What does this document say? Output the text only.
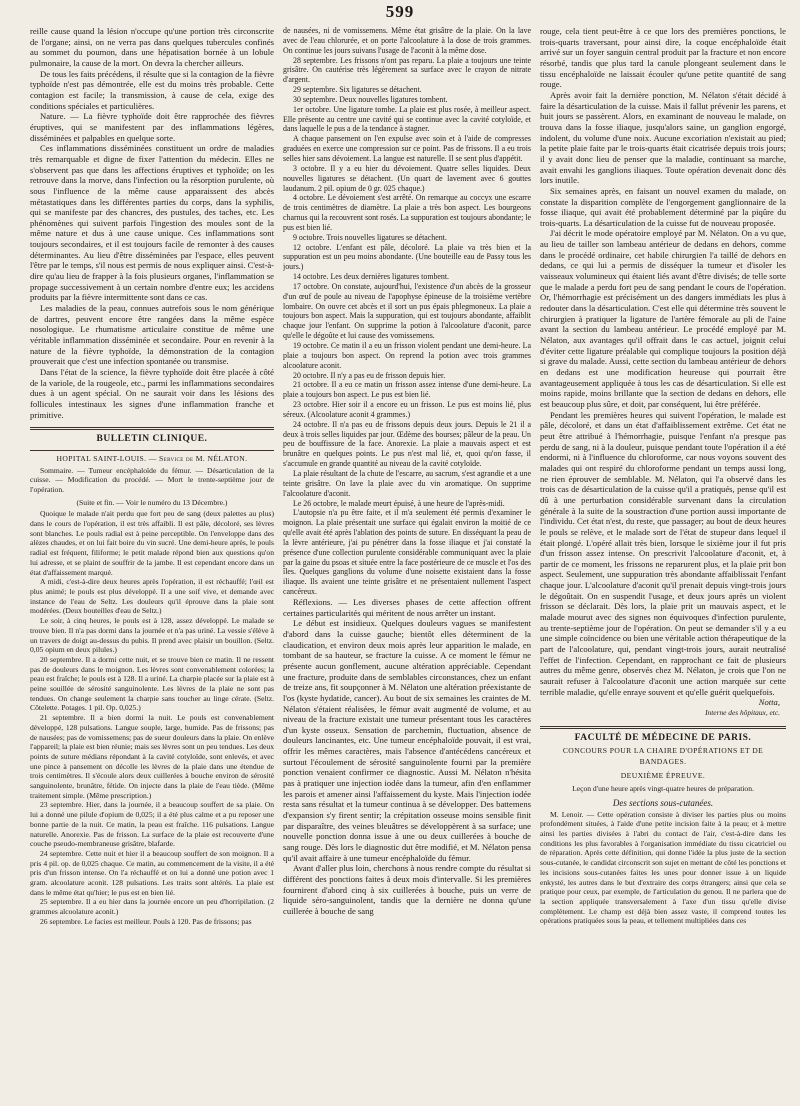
599

reille cause quand la lésion n'occupe qu'une portion très circonscrite de l'organe; ainsi, on ne verra pas dans quelques tubercules confinés au sommet du poumon, dans une hépatisation bornée à un lobule pulmonaire, la cause de la mort. On devra la chercher ailleurs.

De tous les faits précédens, il résulte que si la contagion de la fièvre typhoïde n'est pas démontrée, elle est du moins très probable. Cette contagion est facile; la transmission, à cause de cela, exige des conditions spéciales et particulières.

Nature. — La fièvre typhoïde doit être rapprochée des fièvres éruptives, qui se manifestent par des inflammations légères, disséminées et palpables en quelque sorte.

Ces inflammations disséminées constituent un ordre de maladies très remarquable et digne de fixer l'attention du médecin. Elles ne s'observent pas que dans les affections éruptives et typhoïde; on les retrouve dans la morve, dans l'infection ou la résorption purulente, où sous l'influence de la même cause apparaissent des abcès métastatiques dans les différentes parties du corps, dans la syphilis, qui se manifeste par des chancres, des pustules, des taches, etc. Les phénomènes qui suivent parfois l'ingestion des moules sont de la même nature et dus à une cause unique. Ces inflammations sont toujours secondaires, et il est toujours facile de remonter à des causes déterminantes. Au lieu d'être disséminées par l'espace, elles peuvent l'être par le temps, s'il nous est permis de nous expliquer ainsi. C'est-à-dire qu'au lieu de frapper à la fois plusieurs organes, l'inflammation se propage successivement à un certain nombre d'entre eux; les accidens produits par la fièvre intermittente sont dans ce cas.

Les maladies de la peau, connues autrefois sous le nom générique de dartres, peuvent encore être rangées dans la même espèce nosologique. Le rhumatisme articulaire constitue de même une véritable inflammation disséminée et secondaire. Pour en revenir à la nature de la fièvre typhoïde, la démonstration de la contagion prouverait que c'est une infection spontanée ou transmise.

Dans l'état de la science, la fièvre typhoïde doit être placée à côté de la variole, de la rougeole, etc., parmi les inflammations secondaires dues à un agent spécial. On ne saurait voir dans les lésions des follicules intestinaux les signes d'une inflammation franche et primitive.

BULLETIN CLINIQUE.
HOPITAL SAINT-LOUIS. — Service de M. NÉLATON.

Sommaire. — Tumeur encéphaloïde du fémur. — Désarticulation de la cuisse. — Modification du procédé. — Mort le trente-septième jour de l'opération.

(Suite et fin. — Voir le numéro du 13 Décembre.)

Quoique le malade n'ait perdu que fort peu de sang (deux palettes au plus) dans le cours de l'opération, il est très affaibli. Il est pâle, décoloré, ses lèvres sont blanches. Le pouls radial est à peine perceptible. On l'enveloppe dans des alèzes chaudes, et on lui fait boire du vin sucré. Une demi-heure après, le pouls radial est fréquent, filiforme; le petit malade répond bien aux questions qu'on lui adresse, et se plaint de souffrir de la jambe. Il est cependant encore dans un état d'affaissement marqué.

A midi, c'est-à-dire deux heures après l'opération, il est réchauffé; l'œil est plus animé; le pouls est plus développé. Il a une soif vive, et demande avec instance de l'eau de Seltz. Les douleurs qu'il éprouve dans la plaie sont modérées. (Deux bouteilles d'eau de Seltz.)

Le soir, à cinq heures, le pouls est à 128, assez développé. Le malade se trouve bien. Il n'a pas dormi dans la journée et n'a pas uriné. La vessie s'élève à un travers de doigt au-dessus du pubis. Il prend avec plaisir un bouillon. (Seltz. 0,05 opium en deux pilules.)

20 septembre. Il a dormi cette nuit, et se trouve bien ce matin. Il ne ressent pas de douleurs dans le moignon. Les lèvres sont convenablement colorées; la peau est fraîche; le pouls est à 128. Il a uriné. La charpie placée sur la plaie est à peine souillée de sérosité sanguinolente. Les lèvres de la plaie ne sont pas tendues. On change seulement la charpie sans toucher au linge cérate. (Seltz. Côtelette. Potages. 1 pil. Op. 0,025.)

21 septembre. Il a bien dormi la nuit. Le pouls est convenablement développé, 128 pulsations. Langue souple, large, humide. Pas de frissons; pas de nausées; pas de vomissemens; pas de sueur douleurs dans la plaie. On enlève l'appareil; la plaie est bien réunie; mais ses lèvres sont un peu tendues. Les deux points de suture médians répondant à la cavité cotyloïde, sont enlevés, et avec une pince à pansement on décolle les lèvres de la plaie dans une étendue de trois centimètres. Il s'écoule alors deux cuillerées à bouche environ de sérosité sanguinolente, brunâtre, fétide. On injecte dans la plaie de l'eau tiède. (Même traitement simple. (Même prescription.)

23 septembre. Hier, dans la journée, il a beaucoup souffert de sa plaie. On lui a donné une pilule d'opium de 0,025; il a été plus calme et a pu reposer une bonne partie de la nuit. Ce matin, la peau est fraîche. 116 pulsations. Langue naturelle. Anorexie. Pas de frisson. La surface de la plaie est recouverte d'une couche pseudo-membraneuse grisâtre, blafarde.

24 septembre. Cette nuit et hier il a beaucoup souffert de son moignon. Il a pris 4 pil. op. de 0,025 chaque. Ce matin, au commencement de la visite, il a été pris d'un frisson intense. On l'a réchauffé et on lui a donné une potion avec 1 gram. alcoolature aconit. 128 pulsations. Les traits sont altérés. La plaie est dans le même état qu'hier; le pus est en bien lié.

25 septembre. Il a eu hier dans la journée encore un peu d'horripilation. (2 grammes alcoolature aconit.)

26 septembre. Le facies est meilleur. Pouls à 120. Pas de frissons; pas

de nausées, ni de vomissemens. Même état grisâtre de la plaie. On la lave avec de l'eau chlorurée, et on porte l'alcoolature à la dose de trois grammes. On continue les jours suivans l'usage de l'aconit à la même dose.

28 septembre. Les frissons n'ont pas reparu. La plaie a toujours une teinte grisâtre. On cautérise très légèrement sa surface avec le crayon de nitrate d'argent.

29 septembre. Six ligatures se détachent.

30 septembre. Deux nouvelles ligatures tombent.

1er octobre. Une ligature tombe. La plaie est plus rosée, à meilleur aspect. Elle présente au centre une cavité qui se continue avec la cavité cotyloïde, et dans laquelle le pus a de la tendance à stagner.

A chaque pansement on l'en expulse avec soin et à l'aide de compresses graduées en exerce une compression sur ce point. Pas de frissons. Il a eu trois selles hier sans dévoiement. La langue est naturelle. Il se sent plus d'appétit.

3 octobre. Il y a eu hier du dévoiement. Quatre selles liquides. Deux nouvelles ligatures se détachent. (Un quart de lavement avec 6 gouttes laudanum. 2 pil. opium de 0 gr. 025 chaque.)

4 octobre. Le dévoiement s'est arrêté. On remarque au coccyx une escarre de trois centimètres de diamètre. La plaie a très bon aspect. Les bourgeons charnus qui la recouvrent sont rosés. La suppuration est toujours abondante; le pus est bien lié.

9 octobre. Trois nouvelles ligatures se détachent.

12 octobre. L'enfant est pâle, décoloré. La plaie va très bien et la suppuration est un peu moins abondante. (Une bouteille eau de Passy tous les jours.)

14 octobre. Les deux dernières ligatures tombent.

17 octobre. On constate, aujourd'hui, l'existence d'un abcès de la grosseur d'un œuf de poule au niveau de l'apophyse épineuse de la troisième vertèbre lombaire. On ouvre cet abcès et il sort un pus épais phlegmoneux. La plaie a toujours bon aspect. Mais la suppuration, qui est toujours abondante, affaiblit chaque jour l'enfant. On supprime la potion à l'alcoolature d'aconit, parce qu'elle le dégoûte et lui cause des vomissemens.

19 octobre. Ce matin il a eu un frisson violent pendant une demi-heure. La plaie a toujours bon aspect. On reprend la potion avec trois grammes alcoolature aconit.

20 octobre. Il n'y a pas eu de frisson depuis hier.

21 octobre. Il a eu ce matin un frisson assez intense d'une demi-heure. La plaie a toujours bon aspect. Le pus est bien lié.

23 octobre. Hier soir il a encore eu un frisson. Le pus est moins lié, plus séreux. (Alcoolature aconit 4 grammes.)

24 octobre. Il n'a pas eu de frissons depuis deux jours. Depuis le 21 il a deux à trois selles liquides par jour. Œdème des bourses; pâleur de la peau. Un peu de bouffissure de la face. Anorexie. La plaie a mauvais aspect et est brunâtre en quelques points. Le pus n'est mal lié, et, quoi qu'on fasse, il s'accumule en grande quantité au niveau de la cavité cotyloïde.

La plaie résultant de la chute de l'escarre, au sacrum, s'est agrandie et a une teinte grisâtre. On lave la plaie avec du vin aromatique. On supprime l'alcoolature d'aconit.

Le 26 octobre, le malade meurt épuisé, à une heure de l'après-midi.

L'autopsie n'a pu être faite, et il m'a seulement été permis d'examiner le moignon. La plaie présentait une surface qui égalait environ la moitié de ce qu'elle avait été après l'ablation des points de suture. En disséquant la peau de la lèvre antérieure, j'ai pu pénétrer dans la fosse iliaque et j'ai constaté la présence d'une collection purulente considérable communiquant avec la plaie par la gaine du psoas et située entre la face postérieure de ce muscle et l'os des îles. Quelques ganglions du volume d'une noisette existaient dans la fosse iliaque. Ils avaient une teinte grisâtre et ne présentaient nullement l'aspect cancéreux.

Réflexions. — Les diverses phases de cette affection offrent certaines particularités qui méritent de nous arrêter un instant.

Le début est insidieux. Quelques douleurs vagues se manifestent d'abord dans la cuisse gauche; bientôt elles déterminent de la claudication, et environ deux mois après leur apparition le malade, en tombant de sa hauteur, se fracture la cuisse. A ce moment le fémur ne présente aucun gonflement, aucune altération appréciable. Cependant une fracture, produite dans de semblables circonstances, chez un enfant de treize ans, fit soupçonner à M. Nélaton une altération préexistante de l'os (kyste hydatide, cancer). Au bout de six semaines les craintes de M. Nélaton s'étaient réalisées, le fémur avait augmenté de volume, et au niveau de la fracture existait une tumeur présentant tous les caractères d'un kyste osseux. Sensation de parchemin, fluctuation, absence de douleurs lancinantes, etc. Une tumeur encéphaloïde pouvait, il est vrai, offrir les mêmes caractères, mais l'absence d'antécédens cancéreux et surtout l'écoulement de sérosité sanguinolente fourni par la première ponction venaient confirmer ce diagnostic. Aussi M. Nélaton n'hésita pas à pratiquer une injection iodée dans la tumeur, afin d'en enflammer les parois et amener ainsi l'affaissement du kyste. Mais l'injection iodée resta sans résultat et la tumeur continua à se développer. Des battemens d'expansion s'y firent sentir; la crépitation osseuse moins sensible finit par disparaître, des veines bleuâtres se développèrent à sa surface; une nouvelle ponction donna issue à une ou deux cuillerées à bouche de sang rouge. Dès lors le diagnostic dut être modifié, et M. Nélaton pensa qu'il avait affaire à une tumeur encéphaloïde du fémur.

Avant d'aller plus loin, cherchons à nous rendre compte du résultat si différent des ponctions faites à deux mois d'intervalle. Si les premières fournirent d'abord cinq à six cuillerées à bouche, puis un verre de liquide séro-sanguinolent, tandis que la dernière ne donna qu'une cuillerée à bouche de sang

rouge, cela tient peut-être à ce que lors des premières ponctions, le trois-quarts traversant, pour ainsi dire, la coque encéphaloïde était arrivé sur un foyer sanguin central produit par la fracture et non encore résorbé, tandis que plus tard la canule plongeant seulement dans le tissu encéphaloïde ne laissait écouler qu'une petite quantité de sang rouge.

Après avoir fait la dernière ponction, M. Nélaton s'était décidé à faire la désarticulation de la cuisse. Mais il fallut prévenir les parens, et huit jours se passèrent. Alors, en examinant de nouveau le malade, on trouva dans la fosse iliaque, jusqu'alors saine, un ganglion engorgé, indolent, du volume d'une noix. Aucune excoriation n'existait au pied; la petite plaie faite par le trois-quarts était cicatrisée depuis trois jours; il y avait donc lieu de penser que la maladie, continuant sa marche, avait envahi les ganglions iliaques. Toute opération devenait donc dès lors inutile.

Six semaines après, en faisant un nouvel examen du malade, on constate la disparition complète de l'engorgement ganglionnaire de la fosse iliaque, qui avait été probablement déterminé par la piqûre du trois-quarts. La désarticulation de la cuisse fut de nouveau proposée.

J'ai décrit le mode opératoire employé par M. Nélaton. On a vu que, au lieu de tailler son lambeau antérieur de dedans en dehors, comme dans le procédé ordinaire, cet habile chirurgien l'a taillé de dehors en dedans, ce qui lui a permis de disséquer la tumeur et d'isoler les vaisseaux volumineux qui étaient liés avant d'être divisés; de telle sorte que le malade a perdu fort peu de sang pendant le cours de l'opération. Or, l'hémorrhagie est précisément un des dangers immédiats les plus à redouter dans la désarticulation. C'est elle qui détermine très souvent le chirurgien à pratiquer la ligature de l'artère fémorale au pli de l'aine avant la section du lambeau antérieur. Le procédé employé par M. Nélaton, aux avantages qu'il offrait dans le cas actuel, joignit celui d'éviter cette ligature préalable qui complique toujours la position déjà si grave du malade. Aussi, cette section du lambeau antérieur de dehors en dedans est une modification heureuse qui pourrait être avantageusement appliquée à tous les cas de désarticulation. Si elle est moins rapide, moins brillante que la section de dedans en dehors, elle est beaucoup plus sûre, et doit, par conséquent, lui être préférée.

Pendant les premières heures qui suivent l'opération, le malade est pâle, décoloré, et dans un état d'affaiblissement extrême. Cet état ne peut être attribué à l'hémorrhagie, puisque l'enfant n'a presque pas perdu de sang, ni à la douleur, puisque pendant toute l'opération il a été endormi, ni à l'influence du chloroforme, car nous voyons souvent des malades qui ont respiré du chloroforme pendant un temps aussi long, ne rien éprouver de semblable. M. Nélaton, qui l'a observé dans les trois cas de désarticulation de la cuisse qu'il a pratiqués, pense qu'il est dû à une perturbation considérable survenant dans la circulation générale à la suite de la soustraction d'une portion aussi importante de l'individu. Cet état n'est, du reste, que passager; au bout de deux heures le pouls se relève, et le malade sort de l'état de stupeur dans lequel il était plongé. L'opéré allait très bien, lorsque le sixième jour il fut pris d'un frisson assez intense. On prescrivit l'alcoolature d'aconit, et, à partir de ce moment, les frissons ne reparurent plus, et la plaie prit bon aspect. Seulement, une suppuration très abondante affaiblissait l'enfant chaque jour. L'alcoolature d'aconit qu'il prenait depuis vingt-trois jours le dégoûtait. On en suspendit l'usage, et deux jours après un violent frisson se déclarait. Dès lors, la plaie prit un mauvais aspect, et le malade mourut avec des signes non équivoques d'infection purulente, au trente-septième jour de l'opération. On peut se demander s'il y a eu une simple coïncidence ou bien une véritable action thérapeutique de la part de l'alcoolature, qui, pendant vingt-trois jours, aurait neutralisé l'effet de l'infection. Cependant, en rapprochant ce fait de plusieurs autres du même genre, observés chez M. Nélaton, je crois que l'on ne saurait refuser à l'alcoolature d'aconit une action marquée sur cette terrible maladie, qu'elle enraye souvent et qu'elle guérit quelquefois.

Notta,
Interne des hôpitaux, etc.
FACULTÉ DE MÉDECINE DE PARIS.
CONCOURS POUR LA CHAIRE D'OPÉRATIONS ET DE BANDAGES.
DEUXIÈME ÉPREUVE.
Leçon d'une heure après vingt-quatre heures de préparation.
Des sections sous-cutanées.

M. Lenoir. — Cette opération consiste à diviser les parties plus ou moins profondément situées, à l'aide d'une petite incision faite à la peau; et à mettre ainsi les parties divisées à l'abri du contact de l'air, c'est-à-dire dans les conditions les plus favorables à l'organisation immédiate du tissu cicatriciel ou de réparation. Après cette définition, qui donne l'idée la plus juste de la section sous-cutanée, le candidat circonscrit son sujet en mettant de côté les ponctions et les incisions sous-cutanées faites les unes pour donner issue à un liquide enkysté, les autres dans le but d'extraire des corps étrangers; ainsi que cela se pratique pour ceux, par exemple, de l'articulation du genou. Il ne parlera que de la section appliquée transversalement à l'axe d'un tissu qu'elle divise complètement. Le champ est déjà bien assez vaste, il comprend toutes les opérations pratiquées sous la peau, et tellement multipliées dans ces
